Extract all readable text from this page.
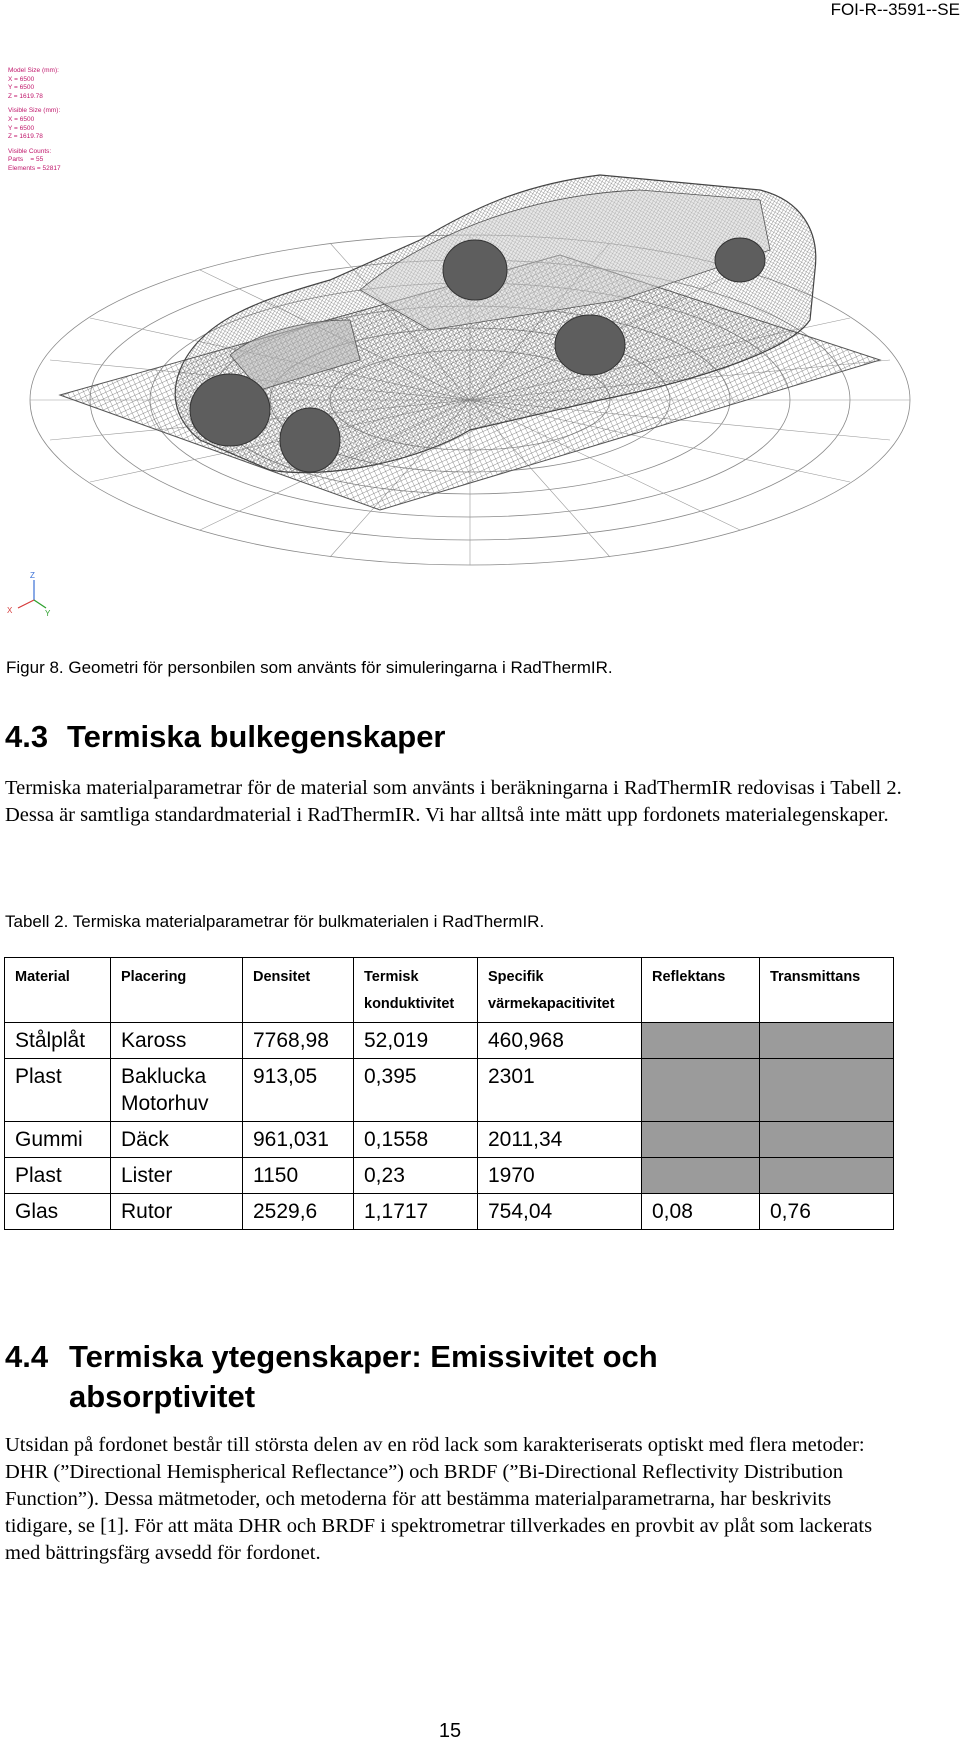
FOI-R--3591--SE
Model Size (mm):
X = 6500
Y = 6500
Z = 1619.78
Visible Size (mm):
X = 6500
Y = 6500
Z = 1619.78
Visible Counts:
Parts    = 55
Elements = 52817
Z
X	Y
Figur 8. Geometri för personbilen som använts för simuleringarna i RadThermIR.
4.3 Termiska bulkegenskaper

Termiska materialparametrar för de material som använts i beräkningarna i RadThermIR redovisas i Tabell 2. Dessa är samtliga standardmaterial i RadThermIR. Vi har alltså inte mätt upp fordonets materialegenskaper.

Tabell 2. Termiska materialparametrar för bulkmaterialen i RadThermIR.
Material	Placering	Densitet	Termisk konduktivitet	Specifik värmekapacitivitet	Reflektans	Transmittans
Stålplåt	Kaross	7768,98	52,019	460,968		
Plast	Baklucka Motorhuv	913,05	0,395	2301		
Gummi	Däck	961,031	0,1558	2011,34		
Plast	Lister	1150	0,23	1970		
Glas	Rutor	2529,6	1,1717	754,04	0,08	0,76
4.4 Termiska ytegenskaper: Emissivitet och
absorptivitet

Utsidan på fordonet består till största delen av en röd lack som karakteriserats optiskt med flera metoder: DHR (”Directional Hemispherical Reflectance”) och BRDF (”Bi-Directional Reflectivity Distribution Function”). Dessa mätmetoder, och metoderna för att bestämma materialparametrarna, har beskrivits tidigare, se [1]. För att mäta DHR och BRDF i spektrometrar tillverkades en provbit av plåt som lackerats med bättringsfärg avsedd för fordonet.

15
